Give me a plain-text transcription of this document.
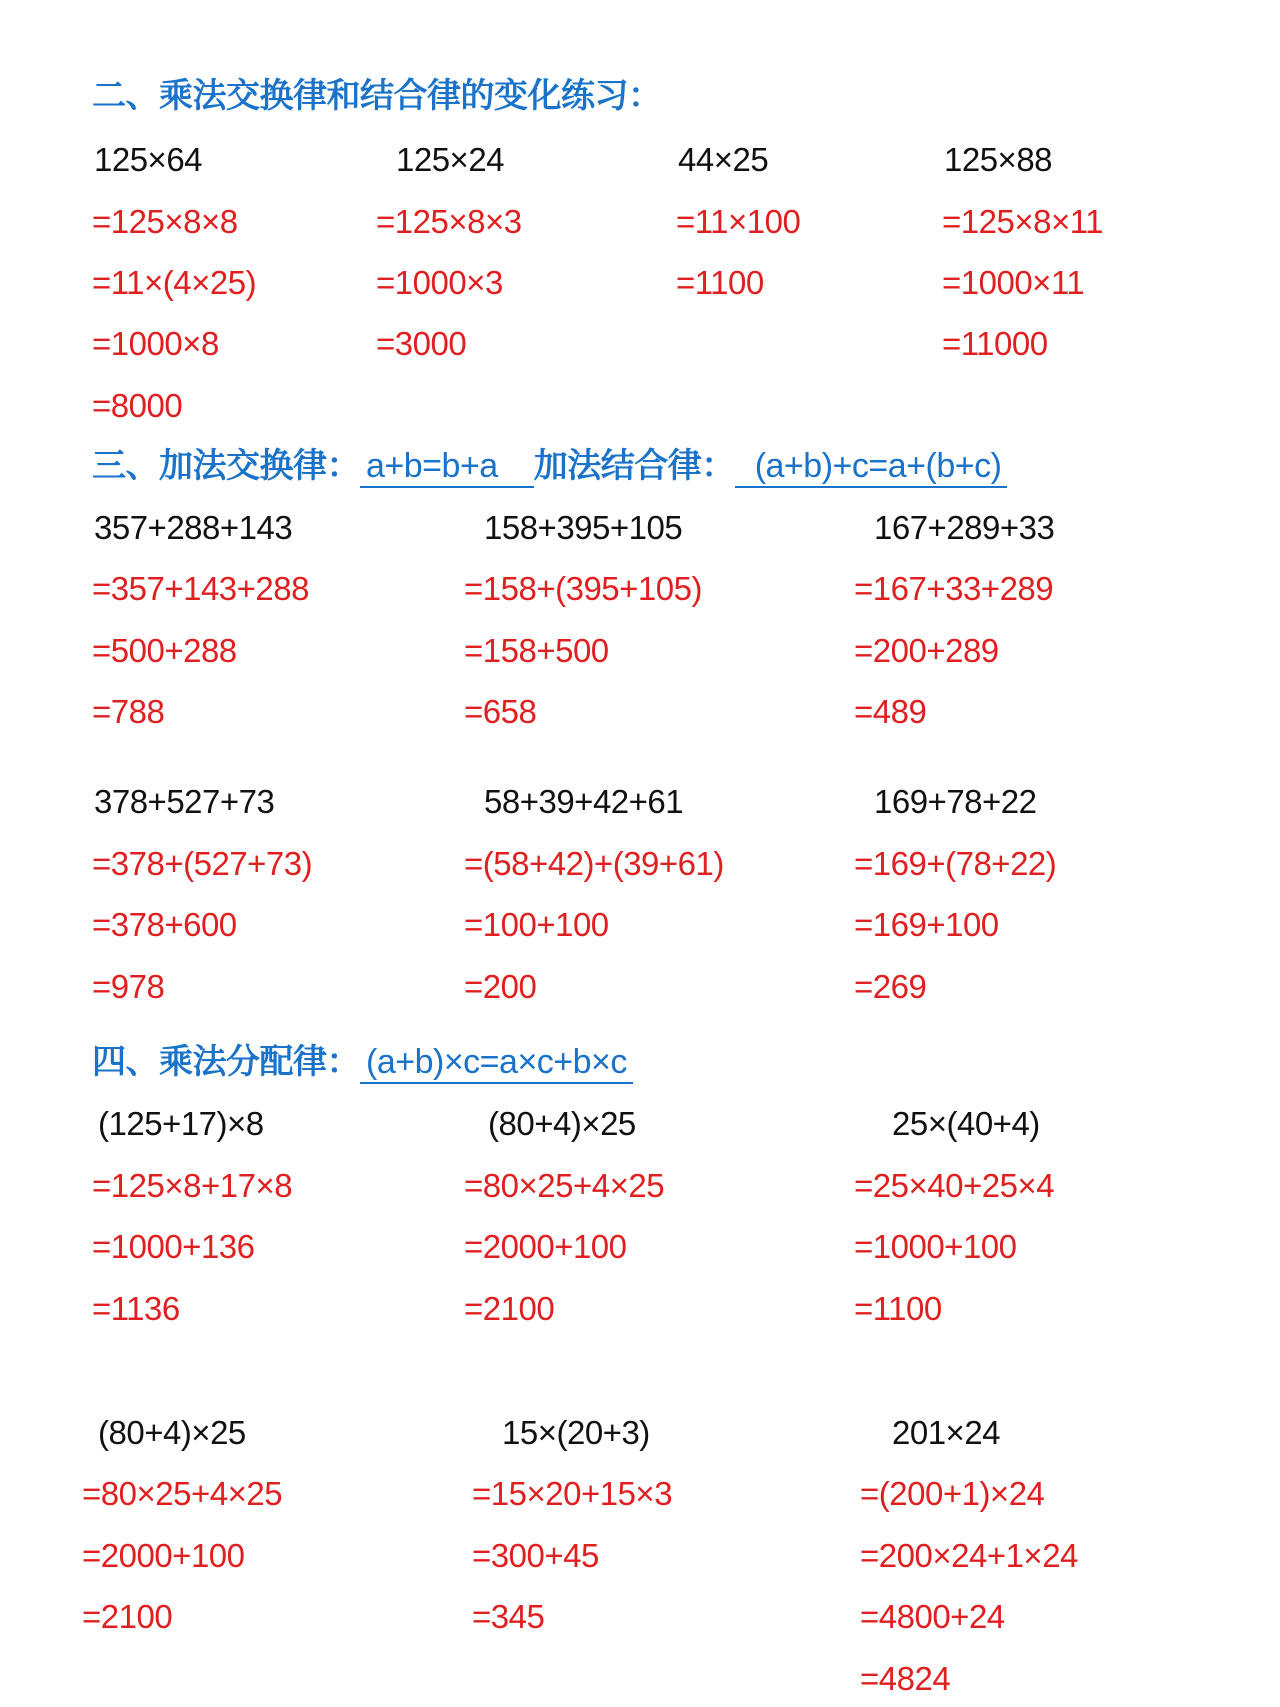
二、乘法交换律和结合律的变化练习：
125×64
=125×8×8
=11×(4×25)
=1000×8
=8000
125×24
=125×8×3
=1000×3
=3000
44×25
=11×100
=1100
125×88
=125×8×11
=1000×11
=11000
三、加法交换律： a+b=b+a 加法结合律： (a+b)+c=a+(b+c)
357+288+143
=357+143+288
=500+288
=788
158+395+105
=158+(395+105)
=158+500
=658
167+289+33
=167+33+289
=200+289
=489
378+527+73
=378+(527+73)
=378+600
=978
58+39+42+61
=(58+42)+(39+61)
=100+100
=200
169+78+22
=169+(78+22)
=169+100
=269
四、乘法分配律： (a+b)×c=a×c+b×c
(125+17)×8
=125×8+17×8
=1000+136
=1136
(80+4)×25
=80×25+4×25
=2000+100
=2100
25×(40+4)
=25×40+25×4
=1000+100
=1100
(80+4)×25
=80×25+4×25
=2000+100
=2100
15×(20+3)
=15×20+15×3
=300+45
=345
201×24
=(200+1)×24
=200×24+1×24
=4800+24
=4824
